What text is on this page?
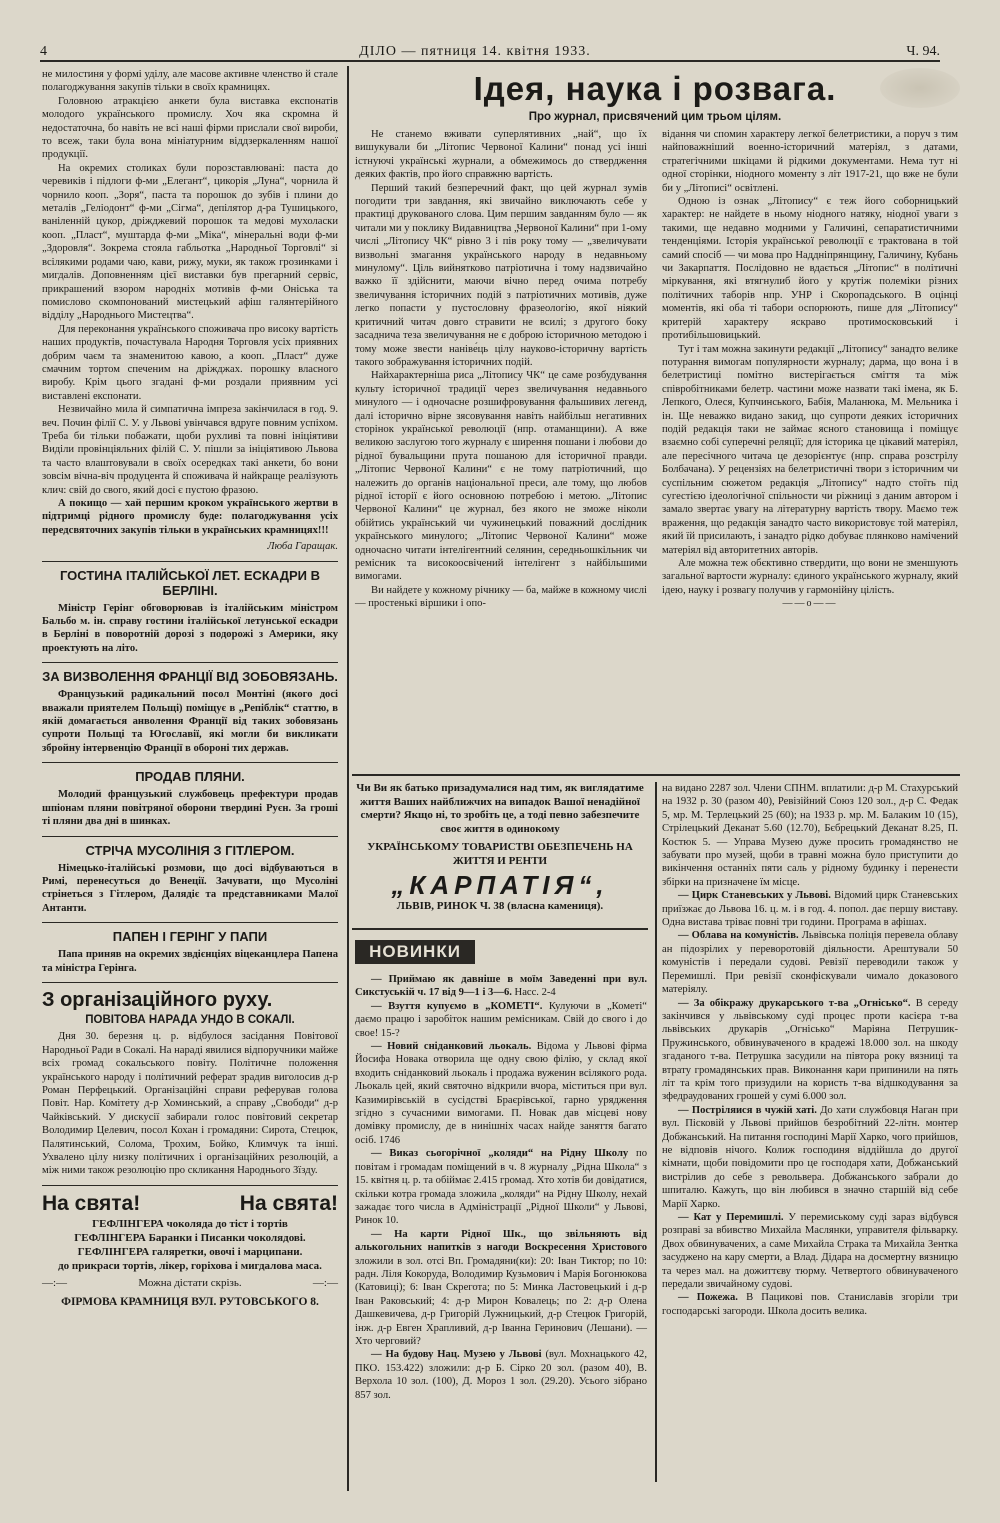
4	ДІЛО — пятниця 14. квітня 1933.	Ч. 94.

не милостиня у формі уділу, але масове активне членство й стале полагоджування закупів тільки в своїх крамницях.

Головною атракцією анкети була виставка експонатів молодого українського промислу. Хоч яка скромна й недостаточна, бо навіть не всі наші фірми прислали свої вироби, то всеж, таки була вона мініатурним віддзеркаленням нашої продукції.

На окремих столиках були порозставлювані: паста до черевиків і підлоги ф-ми „Елегант“, цикорія „Луна“, чорнила й чорнило кооп. „Зоря“, паста та порошок до зубів і плини до металів „Геліодонт“ ф-ми „Сігма“, депілятор д-ра Тушицького, ваніленній цукор, дріжджевий порошок та медові мухоласки кооп. „Пласт“, муштарда ф-ми „Міка“, мінеральні води ф-ми „Здоровля“. Зокрема стояла габльотка „Народньої Торговлі“ зі всілякими родами чаю, кави, рижу, муки, як також грозинками і мигдалів. Доповненням цієї виставки був прегарний сервіс, прикрашений взором народніх мотивів ф-ми Оніська та помислово скомпонований мистецький афіш галянтерійного відділу „Народнього Мистецтва“.

Для переконання українського споживача про високу вартість наших продуктів, почастувала Народня Торговля усіх приявних добрим чаєм та знаменитою кавою, а кооп. „Пласт“ дуже смачним тортом спеченим на дріжджах. порошку власного виробу. Крім цього згадані ф-ми роздали приявним усі виставлені експонати.

Незвичайно мила й симпатична імпреза закінчилася в год. 9. веч. Почин філії С. У. у Львові увінчався вдруге повним успіхом. Треба би тільки побажати, щоби рухливі та повні ініціятиви Виділи провінціяльних філій С. У. пішли за ініціятивою Львова та часто влаштовували в своїх осередках такі анкети, бо вони зовсім вічна-віч продуцента й споживача й найкраще реалізують клич: свій до свого, який досі є пустою фразою.

А покищо — хай першим кроком українського жертви в підтримці рідного промислу буде: полагоджування усіх передсвяточних закупів тільки в українських крамницях!!!

Люба Гаращак.
ГОСТИНА ІТАЛІЙСЬКОЇ ЛЕТ. ЕСКАДРИ В БЕРЛІНІ.

Міністр Герінг обговорював із італійським міністром Бальбо м. ін. справу гостини італійської летунської ескадри в Берліні в поворотній дорозі з подорожі з Америки, яку проектують на літо.

ЗА ВИЗВОЛЕННЯ ФРАНЦІЇ ВІД ЗОБОВЯЗАНЬ.

Французький радикальний посол Монтіні (якого досі вважали приятелем Польщі) поміщує в „Репіблік“ статтю, в якій домагається анволення Франції від таких зобовязань супроти Польщі та Югославії, які могли би викликати збройну інтервенцію Франції в обороні тих держав.

ПРОДАВ ПЛЯНИ.

Молодий французький службовець префектури продав шпіонам пляни повітряної оборони твердині Руєн. За гроші ті пляни два дні в шинках.

СТРІЧА МУСОЛІНІЯ З ГІТЛЕРОМ.

Німецько-італійські розмови, що досі відбуваються в Римі, перенесуться до Венеції. Зачувати, що Мусоліні стрінеться з Гітлером, Далядіє та представниками Малої Антанти.

ПАПЕН І ГЕРІНГ У ПАПИ

Папа приняв на окремих звдієнціях віцеканцлера Папена та міністра Герінга.

З організаційного руху.
ПОВІТОВА НАРАДА УНДО В СОКАЛІ.

Дня 30. березня ц. р. відбулося засідання Повітової Народньої Ради в Сокалі. На нараді явилися відпоручники майже всіх громад сокальського повіту. Політичне положення українського народу і політичний реферат зрадив виголосив д-р Роман Перфецький. Організаційні справи реферував голова Повіт. Нар. Комітету д-р Хоминський, а справу „Свободи“ д-р Чайківський. У дискусії забирали голос повітовий секретар Володимир Целевич, посол Кохан і громадяни: Сирота, Стецюк, Палятинський, Солома, Трохим, Бойко, Климчук та інші. Ухвалено цілу низку політичних і організаційних резолюцій, а між ними також резолюцію про скликання Народнього Зїзду.

На свята!	На свята!
ГЕФЛІНГЕРА чоколяда до тіст і тортів
ГЕФЛІНГЕРА Баранки і Писанки чоколядові.
ГЕФЛІНГЕРА галяретки, овочі і марципани.
до прикраси тортів, лікер, горіхова і мигдалова маса.
—:—	Можна дістати скрізь.	—:—
ФІРМОВА КРАМНИЦЯ ВУЛ. РУТОВСЬКОГО 8.
Ідея, наука і розвага.
Про журнал, присвячений цим трьом цілям.

Не станемо вживати суперлятивних „най“, що їх вишукували би „Літопис Червоної Калини“ понад усі інші істнуючі українські журнали, а обмежимось до ствердження деяких фактів, про його справжню вартість.

Перший такий безперечний факт, що цей журнал зумів погодити три завдання, які звичайно виключають себе у практиці друкованого слова. Цим першим завданням було — як читали ми у поклику Видавництва „Червоної Калини“ при 1-ому числі „Літопису ЧК“ рівно 3 і пів року тому — „звеличувати визвольні змагання українського народу в недавньому минулому“. Ціль вийнятково патріотична і тому надзвичайно важко її здійснити, маючи вічно перед очима потребу звеличування історичних подій з патріотичних мотивів, дуже легко попасти у пустословну фразеологію, якої ніякий критичний читач довго стравити не всилі; з другого боку засаднича теза звеличування не є доброю історичною методою і тому може звести наніве́ць цілу науково-історичну вартість такого зображування історичних подій.

Найхарактерніша риса „Літопису ЧК“ це саме розбудування культу історичної традиції через звеличування недавнього минулого — і одночасне розшифровування фальшивих легенд, далі історично вірне зясовування навіть найбільш негативних сторінок української революції (нпр. отаманщини). А вже великою заслугою того журналу є ширення пошани і любови до рідної бувальщини прута пошаною для історичної правди. „Літопис Червоної Калини“ є не тому патріотичний, що належить до органів національної преси, але тому, що любов рідної історії є його основною потребою і метою. „Літопис Червоної Калини“ це журнал, без якого не зможе ніколи обійтись український чи чужинецький поважний дослідник українського минулого; „Літопис Червоної Калини“ може одночасно читати інтелігентний селянин, середньошкільник чи ремісник та високоосвічений інтелігент з найбільшими вимогами.

Ви найдете у кожному річнику — ба, майже в кожному числі — простенькі віршики і опо-

відання чи спомин характеру легкої белетристики, а поруч з тим найповажніший военно-історичний матеріял, з датами, стратегічними шкіцами й рідкими документами. Нема тут ні одної сторінки, ніодного моменту з літ 1917-21, що вже не були би у „Літописі“ освітлені.

Одною із ознак „Літопису“ є теж його соборницький характер: не найдете в ньому ніодного натяку, ніодної уваги з такими, ще недавно модними у Галичині, сепаратистичними тенденціями. Історія української революції є трактована в той самий спосіб — чи мова про Наддніпрянщину, Галичину, Кубань чи Закарпаття. Послідовно не вдається „Літопис“ в політичні міркування, які втягнулиб його у крутіж полеміки різних політичних таборів нпр. УНР і Скоропадського. В оцінці моментів, які оба ті табори оспорюють, пише для „Літопису“ критерій характеру яскраво протимосковський і протибільшовицький.

Тут і там можна закинути редакції „Літопису“ занадто велике потурання вимогам популярности журналу; дарма, що вона і в белетристиці помітно вистерігається сміття та між співробітниками белетр. частини може назвати такі імена, як Б. Лепкого, Олеся, Купчинського, Бабія, Маланюка, М. Мельника і ін. Ще неважко видано закид, що супроти деяких історичних подій редакція таки не займає ясного становища і поміщує взаємно собі суперечні реляції; для історика це цікавий матеріял, але пересічного читача це дезорієнтує (нпр. справа розстрілу Болбачана). У рецензіях на белетристичні твори з історичним чи суспільним сюжетом редакція „Літопису“ надто стоїть під сугестією ідеологічної спільности чи ріжниці з даним автором і замало звертає увагу на літературну вартість твору. Маємо теж враження, що редакція занадто часто використовує той матеріял, який їй присилають, і занадто рідко добуває плянково намічений матеріял від авторитетних авторів.

Але можна теж обєктивно ствердити, що вони не зменшують загальної вартости журналу: єдиного українського журналу, який ідею, науку і розвагу получив у гармонійну цілість.

——о——
Чи Ви як батько призадумалися над тим, як виглядатиме життя Ваших найближчих на випадок Вашої ненадійної смерти? Якщо ні, то зробіть це, а тоді певно забезпечите своє життя в одинокому
УКРАЇНСЬКОМУ ТОВАРИСТВІ ОБЕЗПЕЧЕНЬ НА ЖИТТЯ И РЕНТИ
„КАРПАТІЯ“,
ЛЬВІВ, РИНОК Ч. 38 (власна камениця).
НОВИНКИ

— Приймаю як давніше в моїм Заведенні при вул. Сикстуській ч. 17 від 9—1 і 3—6. Насс. 2-4

— Взуття купуємо в „КОМЕТІ“. Кулуючи в „Кометі“ даємо працю і заробіток нашим ремісникам. Свій до свого і до свое! 15-?

— Новий сніданковий льокаль. Відома у Львові фірма Йосифа Новака отворила ще одну свою філію, у склад якої входить сніданковий льокаль і продажа вуженин всілякого рода. Льокаль цей, який святочно відкрили вчора, міститься при вул. Казимирівській в сусідстві Браєрівської, гарно урядження згідно з сучасними вимогами. П. Новак дав місцеві нову домівку промислу, де в нинішніх часах найде заняття багато осіб. 1746

— Виказ сьогорічної „коляди“ на Рідну Школу по повітам і громадам поміщений в ч. 8 журналу „Рідна Школа“ з 15. квітня ц. р. та обіймає 2.415 громад. Хто хотів би довідатися, скільки котра громада зложила „коляди“ на Рідну Школу, нехай зажадає того числа в Адміністрації „Рідної Школи“ у Львові, Ринок 10.

— На карти Рідної Шк., що звільняють від алькогольних напитків з нагоди Воскресення Христового зложили в зол. отсі Вп. Громадяни(ки): 20: Іван Тиктор; по 10: радн. Ліля Кокоруда, Володимир Кузьмович і Марія Богонюкова (Катовиці); 6: Іван Скрегота; по 5: Минка Ластовецький і д-р Іван Раковський; 4: д-р Мирон Ковалець; по 2: д-р Олена Дашкевичева, д-р Григорій Лужницький, д-р Стецюк Григорій, інж. д-р Евген Храпливий, д-р Іванна Геринович (Лешани). — Хто черговий?

— На будову Нац. Музею у Львові (вул. Мохнацького 42, ПКО. 153.422) зложили: д-р Б. Сірко 20 зол. (разом 40), В. Верхола 10 зол. (100), Д. Мороз 1 зол. (29.20). Усього зібрано 857 зол.

на видано 2287 зол. Члени СПНМ. вплатили: д-р М. Стахурський на 1932 р. 30 (разом 40), Ревізійний Союз 120 зол., д-р С. Федак 5, мр. М. Терлецький 25 (60); на 1933 р. мр. М. Балаким 10 (15), Стрілецький Деканат 5.60 (12.70), Бєбрецький Деканат 8.25, П. Костюк 5. — Управа Музею дуже просить громадянство не забувати про музей, щоби в травні можна було приступити до викінчення останніх пяти саль у рідному будинку і перенести збірки на призначене їм місце.

— Цирк Станевських у Львові. Відомий цирк Станевських приїзжає до Львова 16. ц. м. і в год. 4. попол. дає першу виставу. Одна вистава тріває повні три години. Програма в афішах.

— Облава на комуністів. Львівська поліція перевела облаву ан підозрілих у переворотовій діяльности. Арештували 50 комуністів і передали судові. Ревізії переводили також у Перемишлі. При ревізії сконфіскували чимало доказового матеріялу.

— За обікражу друкарського т-ва „Огнісько“. В середу закінчився у львівському суді процес проти касієра т-ва львівських друкарів „Огнісько“ Маріяна Петрушик-Пружинського, обвинуваченого в крадежі 18.000 зол. на шкоду згаданого т-ва. Петрушка засудили на півтора року вязниці та втрату громадянських прав. Виконання кари припинили на пять літ та крім того призудили на користь т-ва відшкодування за зфедраудованих грошей у сумі 6.000 зол.

— Постріляися в чужій хаті. До хати службовця Наган при вул. Пісковій у Львові прийшов безробітний 22-літн. монтер Добжанський. На питання господині Марії Харко, чого прийшов, не відповів нічого. Колиж господиня віддійшла до другої кімнати, щоби повідомити про це господаря хати, Добжанський вистрілив до себе з револьвера. Добжанського забрали до шпиталю. Кажуть, що він любився в значно старшій від себе Марії Харко.

— Кат у Перемишлі. У перемиському суді зараз відбувся розправі за вбивство Михайла Маслянки, управителя фільварку. Двох обвинувачених, а саме Михайла Страка та Михайла Зентка засуджено на кару смерти, а Влад. Дідара на досмертну вязницю та через мал. на дожиттєву тюрму. Четвертого обвинуваченого передали звичайному судові.

— Пожежа. В Пацикові пов. Станиславів згоріли три господарські загороди. Школа досить велика.
